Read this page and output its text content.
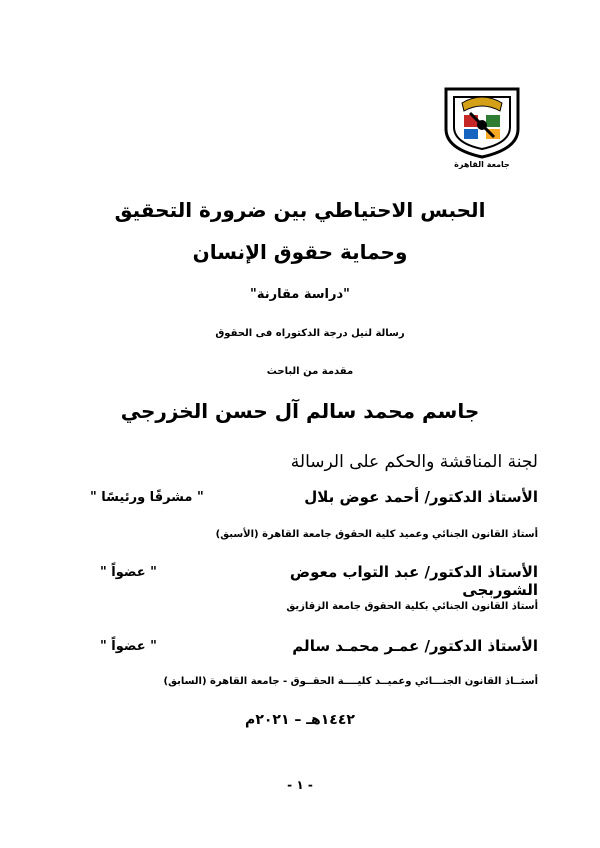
جامعة القاهرة
الحبس الاحتياطي بين ضرورة التحقيق
وحماية حقوق الإنسان
"دراسة مقارنة"
رسالة لنيل درجة الدكتوراه فى الحقوق
مقدمة من الباحث
جاسم محمد سالم آل حسن الخزرجي
لجنة المناقشة والحكم على الرسالة
الأستاذ الدكتور/ أحمد عوض بلال
" مشرفًا ورئيسًا "
أستاذ القانون الجنائي وعميد كلية الحقوق جامعة القاهرة (الأسبق)
الأستاذ الدكتور/ عبد التواب معوض الشوربجى
" عضواً "
أستاذ القانون الجنائي بكلية الحقوق جامعة الزقازيق
الأستاذ الدكتور/ عمـر محمـد سالم
" عضواً "
أستــاذ القانون الجنـــائي وعميــد كليــــة الحقــوق - جامعة القاهرة (السابق)
١٤٤٢هـ – ٢٠٢١م
- ١ -
